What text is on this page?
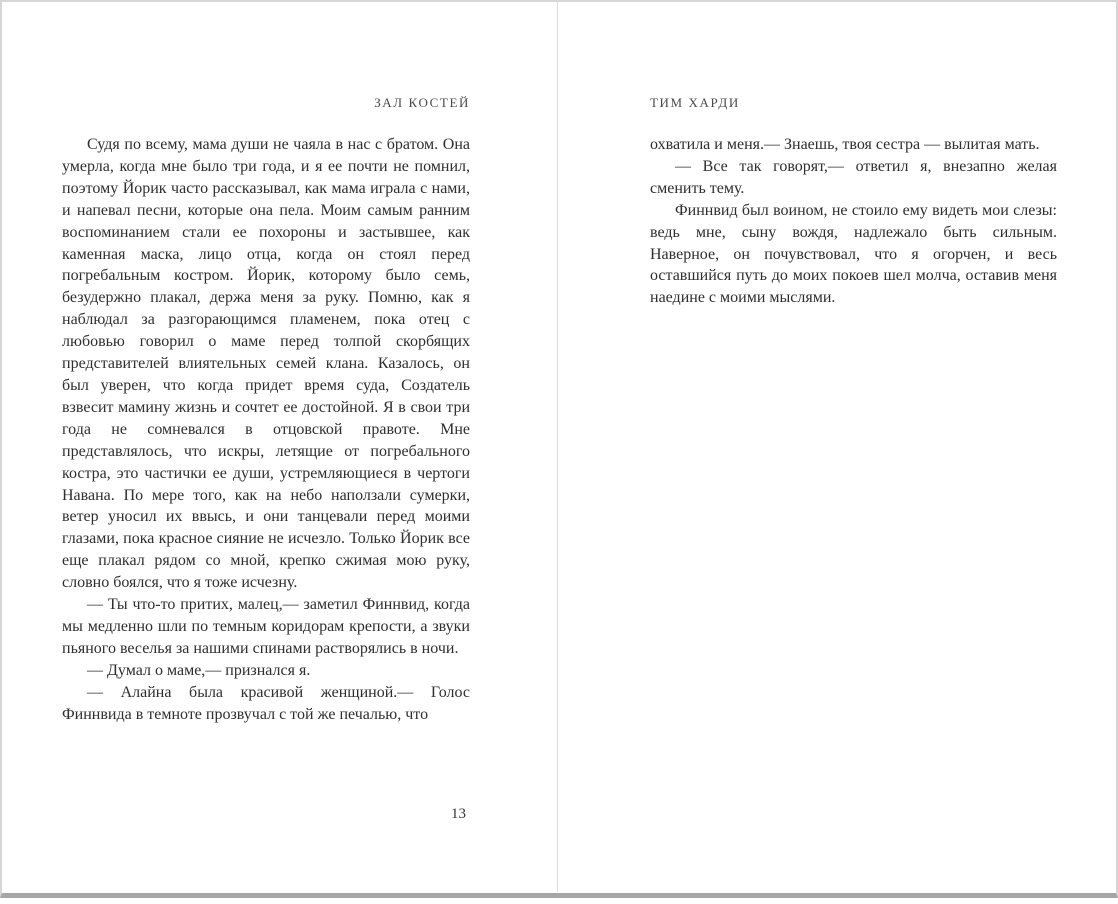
ЗАЛ КОСТЕЙ

Судя по всему, мама души не чаяла в нас с братом. Она умерла, когда мне было три года, и я ее почти не помнил, поэтому Йорик часто рассказывал, как мама играла с нами, и напевал песни, которые она пела. Моим самым ранним воспоминанием стали ее похороны и застывшее, как каменная маска, лицо отца, когда он стоял перед погребальным костром. Йорик, которому было семь, безудержно плакал, держа меня за руку. Помню, как я наблюдал за разгорающимся пламенем, пока отец с любовью говорил о маме перед толпой скорбящих представителей влиятельных семей клана. Казалось, он был уверен, что когда придет время суда, Создатель взвесит мамину жизнь и сочтет ее достойной. Я в свои три года не сомневался в отцовской правоте. Мне представлялось, что искры, летящие от погребального костра, это частички ее души, устремляющиеся в чертоги Навана. По мере того, как на небо наползали сумерки, ветер уносил их ввысь, и они танцевали перед моими глазами, пока красное сияние не исчезло. Только Йорик все еще плакал рядом со мной, крепко сжимая мою руку, словно боялся, что я тоже исчезну.

— Ты что-то притих, малец,— заметил Финнвид, когда мы медленно шли по темным коридорам крепости, а звуки пьяного веселья за нашими спинами растворялись в ночи.

— Думал о маме,— признался я.

— Алайна была красивой женщиной.— Голос Финнвида в темноте прозвучал с той же печалью, что

13
ТИМ ХАРДИ

охватила и меня.— Знаешь, твоя сестра — вылитая мать.

— Все так говорят,— ответил я, внезапно желая сменить тему.

Финнвид был воином, не стоило ему видеть мои слезы: ведь мне, сыну вождя, надлежало быть сильным. Наверное, он почувствовал, что я огорчен, и весь оставшийся путь до моих покоев шел молча, оставив меня наедине с моими мыслями.
